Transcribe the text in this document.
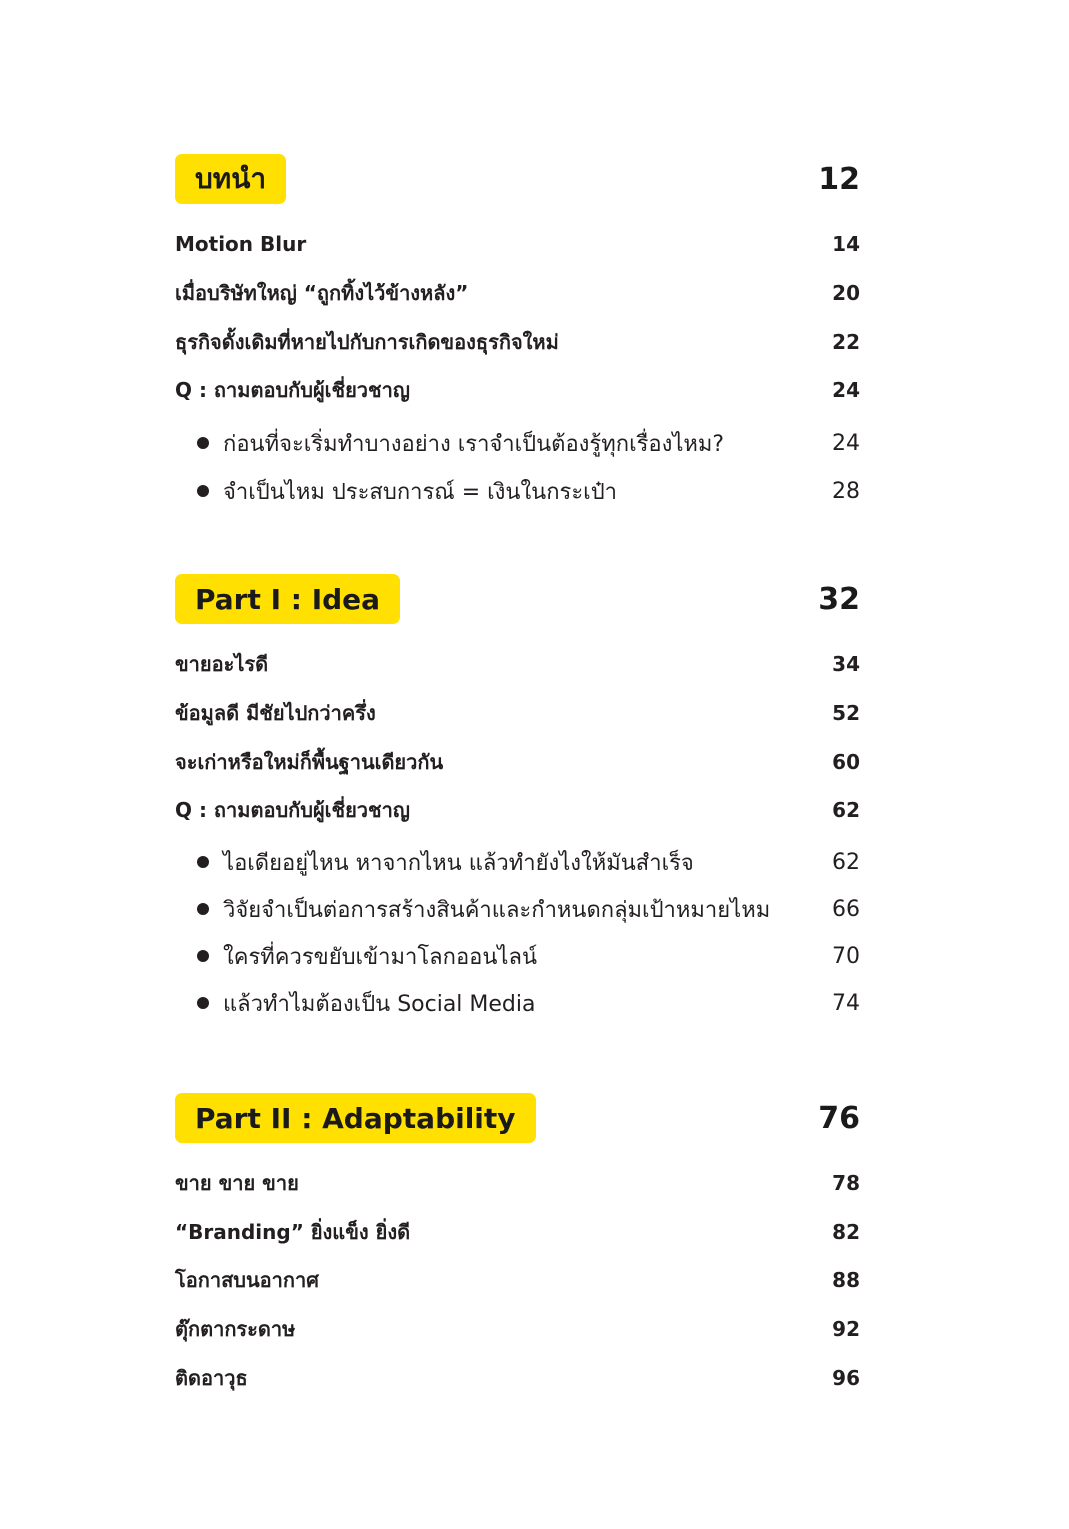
บทนำ	12
Motion Blur	14
เมื่อบริษัทใหญ่ “ถูกทิ้งไว้ข้างหลัง”	20
ธุรกิจดั้งเดิมที่หายไปกับการเกิดของธุรกิจใหม่	22
Q : ถามตอบกับผู้เชี่ยวชาญ	24
ก่อนที่จะเริ่มทำบางอย่าง เราจำเป็นต้องรู้ทุกเรื่องไหม?	24
จำเป็นไหม ประสบการณ์ = เงินในกระเป๋า	28
Part I : Idea	32
ขายอะไรดี	34
ข้อมูลดี มีชัยไปกว่าครึ่ง	52
จะเก่าหรือใหม่ก็พื้นฐานเดียวกัน	60
Q : ถามตอบกับผู้เชี่ยวชาญ	62
ไอเดียอยู่ไหน หาจากไหน แล้วทำยังไงให้มันสำเร็จ	62
วิจัยจำเป็นต่อการสร้างสินค้าและกำหนดกลุ่มเป้าหมายไหม	66
ใครที่ควรขยับเข้ามาโลกออนไลน์	70
แล้วทำไมต้องเป็น Social Media	74
Part II : Adaptability	76
ขาย ขาย ขาย	78
“Branding” ยิ่งแข็ง ยิ่งดี	82
โอกาสบนอากาศ	88
ตุ๊กตากระดาษ	92
ติดอาวุธ	96
